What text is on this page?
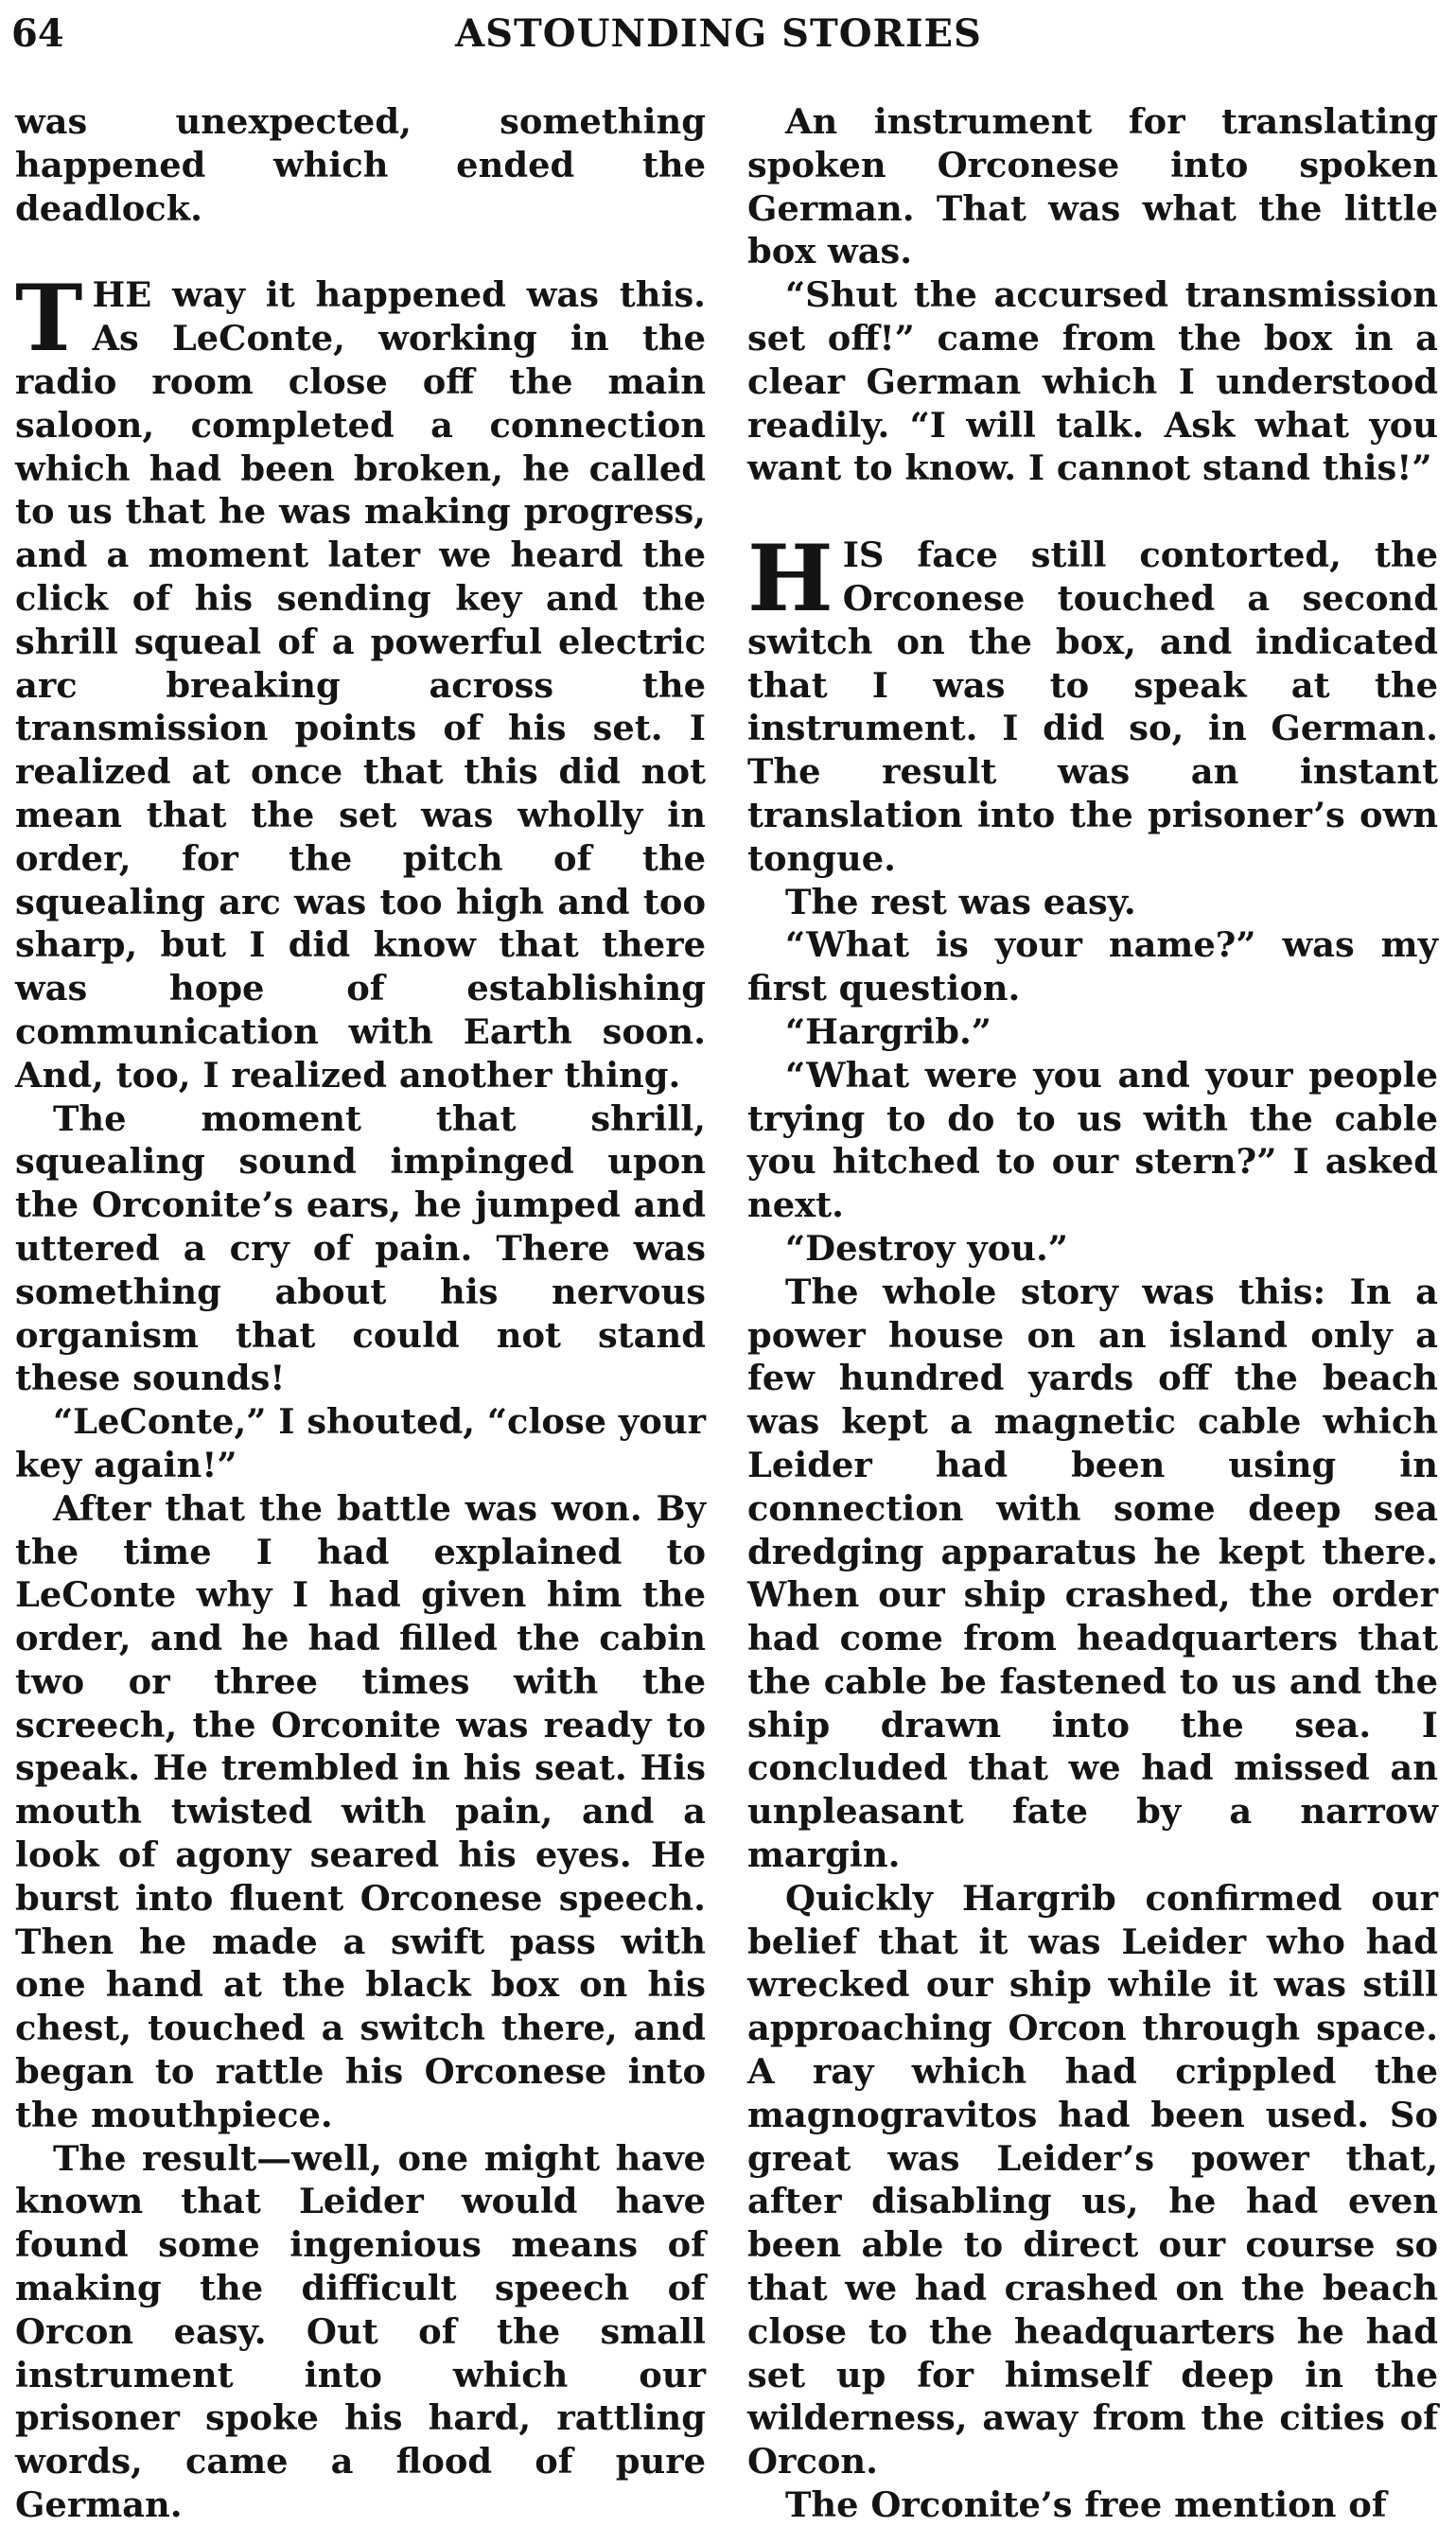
64	ASTOUNDING STORIES

was unexpected, something happened which ended the deadlock.

THE way it happened was this. As LeConte, working in the radio room close off the main saloon, completed a connection which had been broken, he called to us that he was making progress, and a moment later we heard the click of his sending key and the shrill squeal of a powerful electric arc breaking across the transmission points of his set. I realized at once that this did not mean that the set was wholly in order, for the pitch of the squealing arc was too high and too sharp, but I did know that there was hope of establishing communication with Earth soon. And, too, I realized another thing.

The moment that shrill, squealing sound impinged upon the Orconite’s ears, he jumped and uttered a cry of pain. There was something about his nervous organism that could not stand these sounds!

“LeConte,” I shouted, “close your key again!”

After that the battle was won. By the time I had explained to LeConte why I had given him the order, and he had filled the cabin two or three times with the screech, the Orconite was ready to speak. He trembled in his seat. His mouth twisted with pain, and a look of agony seared his eyes. He burst into fluent Orconese speech. Then he made a swift pass with one hand at the black box on his chest, touched a switch there, and began to rattle his Orconese into the mouthpiece.

The result—well, one might have known that Leider would have found some ingenious means of making the difficult speech of Orcon easy. Out of the small instrument into which our prisoner spoke his hard, rattling words, came a flood of pure German.

An instrument for translating spoken Orconese into spoken German. That was what the little box was.

“Shut the accursed transmission set off!” came from the box in a clear German which I understood readily. “I will talk. Ask what you want to know. I cannot stand this!”

HIS face still contorted, the Orconese touched a second switch on the box, and indicated that I was to speak at the instrument. I did so, in German. The result was an instant translation into the prisoner’s own tongue.

The rest was easy.

“What is your name?” was my first question.

“Hargrib.”

“What were you and your people trying to do to us with the cable you hitched to our stern?” I asked next.

“Destroy you.”

The whole story was this: In a power house on an island only a few hundred yards off the beach was kept a magnetic cable which Leider had been using in connection with some deep sea dredging apparatus he kept there. When our ship crashed, the order had come from headquarters that the cable be fastened to us and the ship drawn into the sea. I concluded that we had missed an unpleasant fate by a narrow margin.

Quickly Hargrib confirmed our belief that it was Leider who had wrecked our ship while it was still approaching Orcon through space. A ray which had crippled the magnogravitos had been used. So great was Leider’s power that, after disabling us, he had even been able to direct our course so that we had crashed on the beach close to the headquarters he had set up for himself deep in the wilderness, away from the cities of Orcon.

The Orconite’s free mention of
